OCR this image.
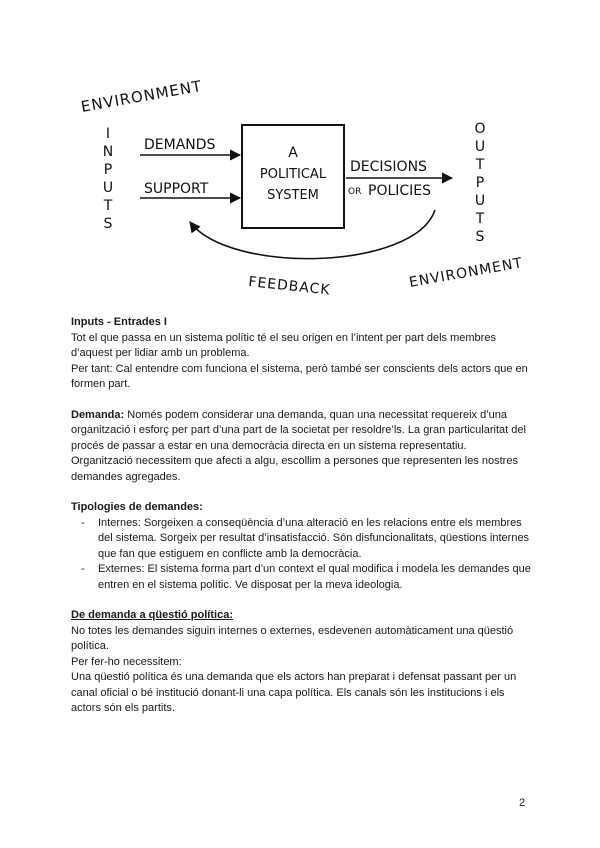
ENVIRONMENT
I
N
P
U
T
S
DEMANDS
SUPPORT
A
POLITICAL
SYSTEM
DECISIONS
OR POLICIES
O
U
T
P
U
T
S
FEEDBACK	ENVIRONMENT

Inputs - Entrades I

Tot el que passa en un sistema polític té el seu origen en l’intent per part dels membres d’aquest per lidiar amb un problema.

Per tant: Cal entendre com funciona el sistema, però també ser conscients dels actors que en formen part.

Demanda: Només podem considerar una demanda, quan una necessitat requereix d’una organització i esforç per part d’una part de la societat per resoldre’ls. La gran particularitat del procés de passar a estar en una democràcia directa en un sistema representatiu. Organització necessitem que afecti a algu, escollim a persones que representen les nostres demandes agregades.

Tipologies de demandes:

- Internes: Sorgeixen a conseqüència d’una alteració en les relacions entre els membres del sistema. Sorgeix per resultat d’insatisfacció. Són disfuncionalitats, qüestions internes que fan que estiguem en conflicte amb la democràcia.
- Externes: El sistema forma part d’un context el qual modifica i modela les demandes que entren en el sistema polític. Ve disposat per la meva ideologia.

De demanda a qüestió política:

No totes les demandes siguin internes o externes, esdevenen automàticament una qüestió política.

Per fer-ho necessitem:

Una qüestió política és una demanda que els actors han preparat i defensat passant per un canal oficial o bé institució donant-li una capa política. Els canals són les institucions i els actors són els partits.

2
